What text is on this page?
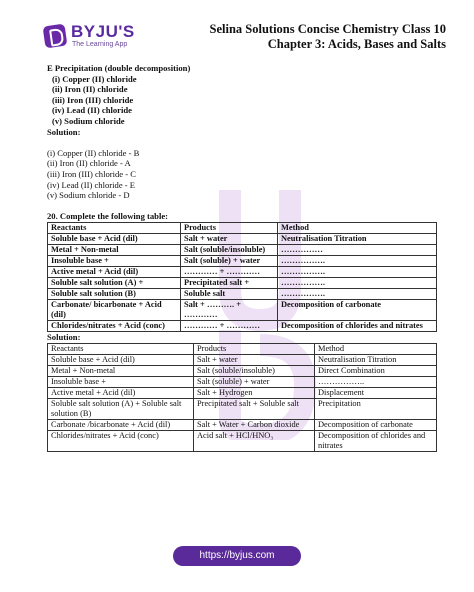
BYJU'S
The Learning App
Selina Solutions Concise Chemistry Class 10
Chapter 3: Acids, Bases and Salts

E Precipitation (double decomposition)

(i) Copper (II) chloride

(ii) Iron (II) chloride

(iii) Iron (III) chloride

(iv) Lead (II) chloride

(v) Sodium chloride

Solution:

(i) Copper (II) chloride - B

(ii) Iron (II) chloride - A

(iii) Iron (III) chloride - C

(iv) Lead (II) chloride - E

(v) Sodium chloride - D

20. Complete the following table:

Reactants	Products	Method
Soluble base + Acid (dil)	Salt + water	Neutralisation Titration
Metal + Non-metal	Salt (soluble/insoluble)	……………
Insoluble base +	Salt (soluble) + water	…………….
Active metal + Acid (dil)	………… + …………	…………….
Soluble salt solution (A) +	Precipitated salt +	…………….
Soluble salt solution (B)	Soluble salt	…………….
Carbonate/ bicarbonate + Acid (dil)	Salt + ………. + …………	Decomposition of carbonate
Chlorides/nitrates + Acid (conc)	………… + …………	Decomposition of chlorides and nitrates

Solution:

Reactants	Products	Method
Soluble base + Acid (dil)	Salt + water	Neutralisation Titration
Metal + Non-metal	Salt (soluble/insoluble)	Direct Combination
Insoluble base +	Salt (soluble) + water	……………..
Active metal + Acid (dil)	Salt + Hydrogen	Displacement
Soluble salt solution (A) + Soluble salt solution (B)	Precipitated salt + Soluble salt	Precipitation
Carbonate /bicarbonate + Acid (dil)	Salt + Water + Carbon dioxide	Decomposition of carbonate
Chlorides/nitrates + Acid (conc)	Acid salt + HCl/HNO₃	Decomposition of chlorides and nitrates
https://byjus.com
